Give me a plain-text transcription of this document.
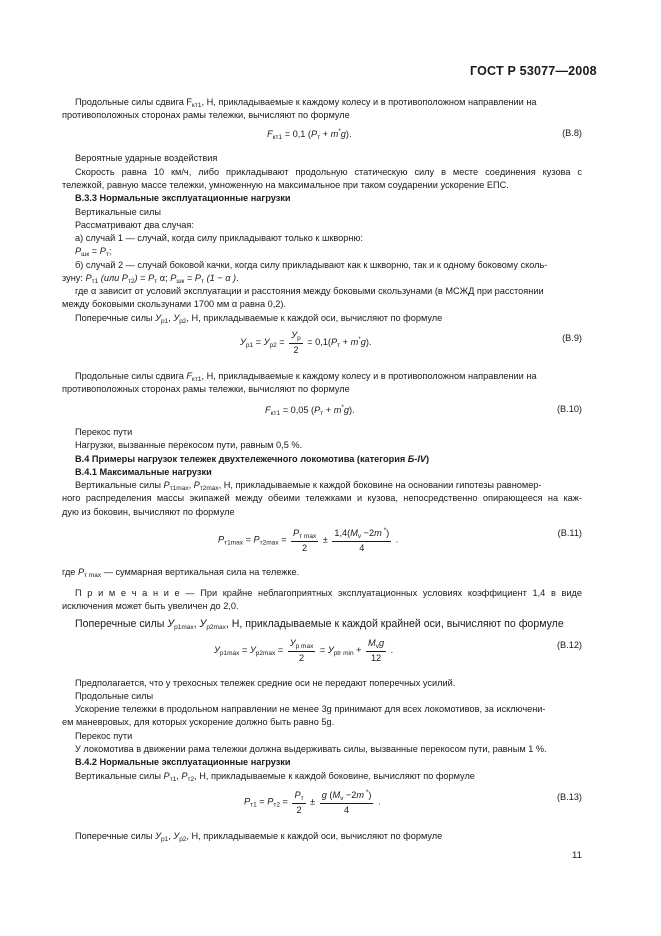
ГОСТ Р 53077—2008
Продольные силы сдвига $F_{кт1}$, Н, прикладываемые к каждому колесу и в противоположном направлении на
противоположных сторонах рамы тележки, вычисляют по формуле
$F_{кт1} = 0,1$ $(P_т + m^*g)$.	(В.8)
Вероятные ударные воздействия
Скорость равна 10 км/ч, либо прикладывают продольную статическую силу в месте соединения кузова с
тележкой, равную массе тележки, умноженную на максимальное при таком соударении ускорение ЕПС.
В.3.3 Нормальные эксплуатационные нагрузки
Вертикальные силы
Рассматривают два случая:
а) случай 1 — случай, когда силу прикладывают только к шкворню:
$P_{шк} = P_т$;
б) случай 2 — случай боковой качки, когда силу прикладывают как к шкворню, так и к одному боковому сколь-
зуну: $P_{т1}$ (или $P_{т2}) = P_т$ α; $P_{шк} = P_т$ (1 − α ).
где α зависит от условий эксплуатации и расстояния между боковыми скользунами (в МСЖД при расстоянии
между боковыми скользунами 1700 мм α равна 0,2).
Поперечные силы $У_{р1}$, $У_{р2}$, Н, прикладываемые к каждой оси, вычисляют по формуле
$У_{р1} = У_{р2} = \frac{У_р}{2} = 0,1(P_т + m^*g)$.	(В.9)
Продольные силы сдвига $F_{кт1}$, Н, прикладываемые к каждому колесу и в противоположном направлении на
противоположных сторонах рамы тележки, вычисляют по формуле
$F_{кт1} = 0,05$ $(P_т + m^*g)$.	(В.10)
Перекос пути
Нагрузки, вызванные перекосом пути, равным 0,5 %.
В.4 Примеры нагрузок тележек двухтележечного локомотива (категория Б-IV)
В.4.1 Максимальные нагрузки
Вертикальные силы $P_{т1max}$, $P_{т2max}$, Н, прикладываемые к каждой боковине на основании гипотезы равномер-
ного распределения массы экипажей между обеими тележками и кузова, непосредственно опирающееся на каж-
дую из боковин, вычисляют по формуле
$P_{т1max} = P_{т2max} = \frac{P_{т max}}{2} \pm \frac{1,4(M_v -2m ^*)}{4}$ .
(В.11)
где $P_{т max}$ — суммарная вертикальная сила на тележке.
П р и м е ч а н и е — При крайне неблагоприятных эксплуатационных условиях коэффициент 1,4 в виде
исключения может быть увеличен до 2,0.
Поперечные силы $У_{р1max}$, $У_{р2max}$, Н, прикладываемые к каждой крайней оси, вычисляют по формуле
$У_{р1max} = У_{р2max} = \frac{У_{р max}}{2} = У_{ptr min} + \frac{M_vg}{12}$ .	(В.12)
Предполагается, что у трехосных тележек средние оси не передают поперечных усилий.
Продольные силы
Ускорение тележки в продольном направлении не менее 3g принимают для всех локомотивов, за исключени-
ем маневровых, для которых ускорение должно быть равно 5g.
Перекос пути
У локомотива в движении рама тележки должна выдерживать силы, вызванные перекосом пути, равным 1 %.
В.4.2 Нормальные эксплуатационные нагрузки
Вертикальные силы $P_{т1}$, $P_{т2}$, Н, прикладываемые к каждой боковине, вычисляют по формуле
$P_{т1} = P_{т2} = \frac{P_т}{2} \pm \frac{g (M_v -2m ^*)}{4}$ .	(В.13)
Поперечные силы $У_{р1}$, $У_{р2}$, Н, прикладываемые к каждой оси, вычисляют по формуле
11
